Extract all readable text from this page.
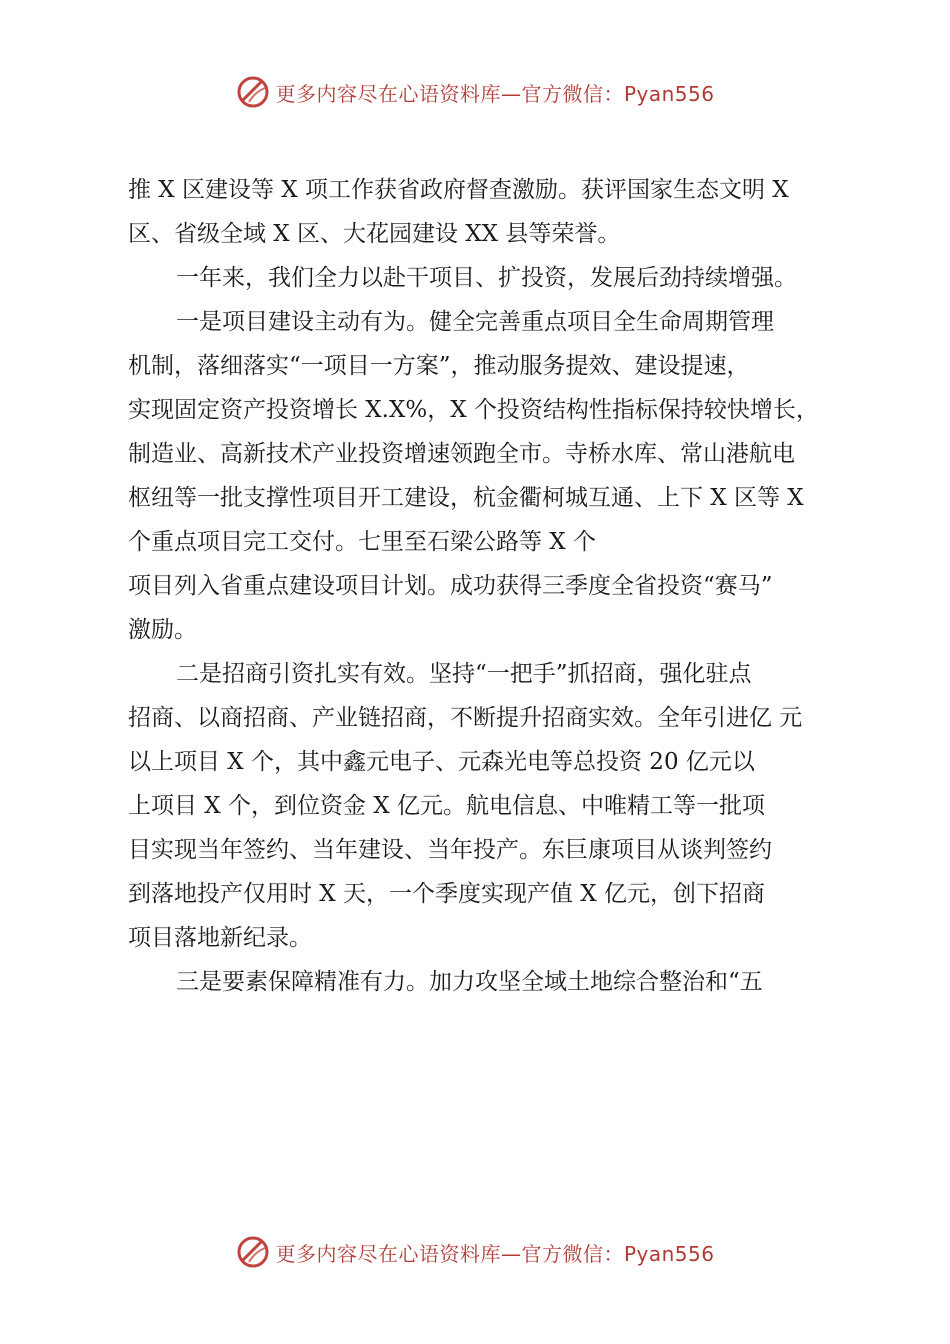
更多内容尽在心语资料库—官方微信：Pyan556

推 X 区建设等 X 项工作获省政府督查激励。获评国家生态文明 X
区、省级全域 X 区、大花园建设 XX 县等荣誉。

一年来，我们全力以赴干项目、扩投资，发展后劲持续增强。

一是项目建设主动有为。健全完善重点项目全生命周期管理
机制，落细落实“一项目一方案”，推动服务提效、建设提速，
实现固定资产投资增长 X.X%，X 个投资结构性指标保持较快增长，
制造业、高新技术产业投资增速领跑全市。寺桥水库、常山港航电
枢纽等一批支撑性项目开工建设，杭金衢柯城互通、上下 X 区等 X
个重点项目完工交付。七里至石梁公路等 X 个

项目列入省重点建设项目计划。成功获得三季度全省投资“赛马”
激励。

二是招商引资扎实有效。坚持“一把手”抓招商，强化驻点
招商、以商招商、产业链招商，不断提升招商实效。全年引进亿 元
以上项目 X 个，其中鑫元电子、元森光电等总投资 20 亿元以
上项目 X 个，到位资金 X 亿元。航电信息、中唯精工等一批项
目实现当年签约、当年建设、当年投产。东巨康项目从谈判签约
到落地投产仅用时 X 天，一个季度实现产值 X 亿元，创下招商
项目落地新纪录。

三是要素保障精准有力。加力攻坚全域土地综合整治和“五

更多内容尽在心语资料库—官方微信：Pyan556
